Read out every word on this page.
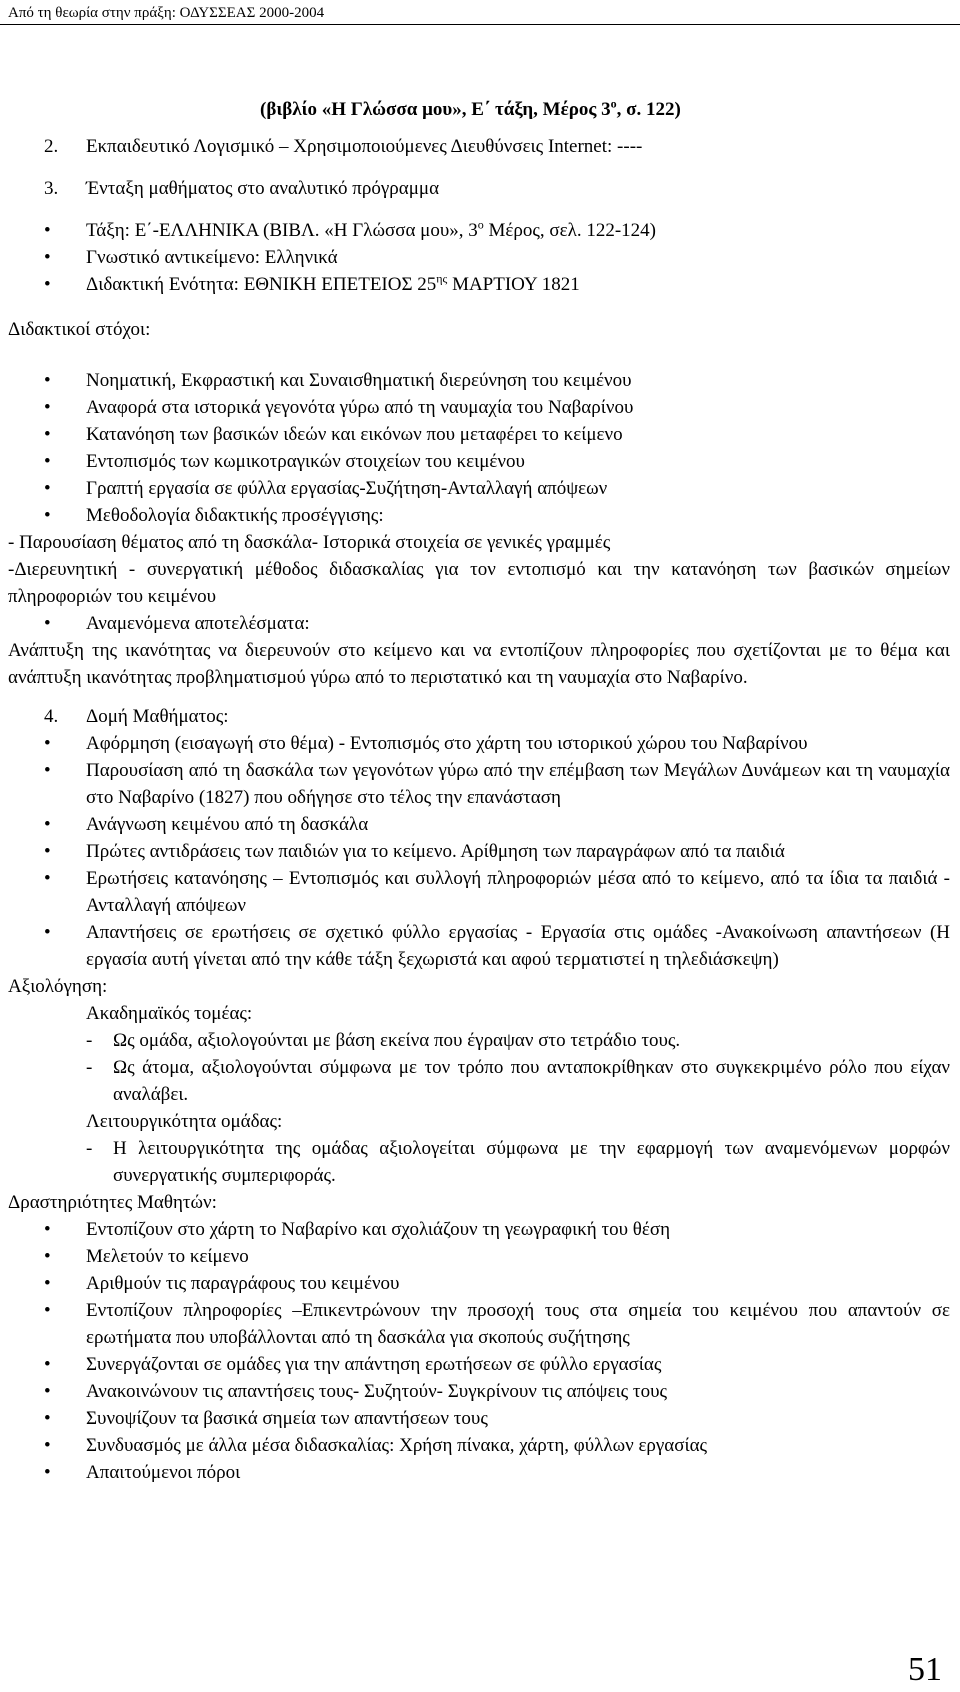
Από τη θεωρία στην πράξη: ΟΔΥΣΣΕΑΣ 2000-2004
(βιβλίο «Η Γλώσσα μου», Ε΄ τάξη, Μέρος $3^o$, σ. 122)
2.	Εκπαιδευτικό Λογισμικό – Χρησιμοποιούμενες Διευθύνσεις Internet: ----
3.	Ένταξη μαθήματος στο αναλυτικό πρόγραμμα
• Τάξη: Ε΄-ΕΛΛΗΝΙΚΑ (ΒΙΒΛ. «Η Γλώσσα μου», $3^o$ Μέρος, σελ. 122-124)
• Γνωστικό αντικείμενο: Ελληνικά
• Διδακτική Ενότητα: ΕΘΝΙΚΗ ΕΠΕΤΕΙΟΣ $25^{\eta\varsigma}$ ΜΑΡΤΙΟΥ 1821
Διδακτικοί στόχοι:
• Νοηματική, Εκφραστική και Συναισθηματική διερεύνηση του κειμένου
• Αναφορά στα ιστορικά γεγονότα γύρω από τη ναυμαχία του Ναβαρίνου
• Κατανόηση των βασικών ιδεών και εικόνων που μεταφέρει το κείμενο
• Εντοπισμός των κωμικοτραγικών στοιχείων του κειμένου
• Γραπτή εργασία σε φύλλα εργασίας-Συζήτηση-Ανταλλαγή απόψεων
• Μεθοδολογία διδακτικής προσέγγισης:
- Παρουσίαση θέματος από τη δασκάλα- Ιστορικά στοιχεία σε γενικές γραμμές
-Διερευνητική - συνεργατική μέθοδος διδασκαλίας για τον εντοπισμό και την κατανόηση των βασικών σημείων πληροφοριών του κειμένου
• Αναμενόμενα αποτελέσματα:
Ανάπτυξη της ικανότητας να διερευνούν στο κείμενο και να εντοπίζουν πληροφορίες που σχετίζονται με το θέμα και ανάπτυξη ικανότητας προβληματισμού γύρω από το περιστατικό και τη ναυμαχία στο Ναβαρίνο.
4.	Δομή Μαθήματος:
• Αφόρμηση (εισαγωγή στο θέμα) - Εντοπισμός στο χάρτη του ιστορικού χώρου του Ναβαρίνου
• Παρουσίαση από τη δασκάλα των γεγονότων γύρω από την επέμβαση των Μεγάλων Δυνάμεων και τη ναυμαχία στο Ναβαρίνο (1827) που οδήγησε στο τέλος την επανάσταση
• Ανάγνωση κειμένου από τη δασκάλα
• Πρώτες αντιδράσεις των παιδιών για το κείμενο. Αρίθμηση των παραγράφων από τα παιδιά
• Ερωτήσεις κατανόησης – Εντοπισμός και συλλογή πληροφοριών μέσα από το κείμενο, από τα ίδια τα παιδιά - Ανταλλαγή απόψεων
• Απαντήσεις σε ερωτήσεις σε σχετικό φύλλο εργασίας - Εργασία στις ομάδες -Ανακοίνωση απαντήσεων (Η εργασία αυτή γίνεται από την κάθε τάξη ξεχωριστά και αφού τερματιστεί η τηλεδιάσκεψη)
Αξιολόγηση:
Ακαδημαϊκός τομέας:
- Ως ομάδα, αξιολογούνται με βάση εκείνα που έγραψαν στο τετράδιο τους.
- Ως άτομα, αξιολογούνται σύμφωνα με τον τρόπο που ανταποκρίθηκαν στο συγκεκριμένο ρόλο που είχαν αναλάβει.
Λειτουργικότητα ομάδας:
- Η λειτουργικότητα της ομάδας αξιολογείται σύμφωνα με την εφαρμογή των αναμενόμενων μορφών συνεργατικής συμπεριφοράς.
Δραστηριότητες Μαθητών:
• Εντοπίζουν στο χάρτη το Ναβαρίνο και σχολιάζουν τη γεωγραφική του θέση
• Μελετούν το κείμενο
• Αριθμούν τις παραγράφους του κειμένου
• Εντοπίζουν πληροφορίες –Επικεντρώνουν την προσοχή τους στα σημεία του κειμένου που απαντούν σε ερωτήματα που υποβάλλονται από τη δασκάλα για σκοπούς συζήτησης
• Συνεργάζονται σε ομάδες για την απάντηση ερωτήσεων σε φύλλο εργασίας
• Ανακοινώνουν τις απαντήσεις τους- Συζητούν- Συγκρίνουν τις απόψεις τους
• Συνοψίζουν τα βασικά σημεία των απαντήσεων τους
• Συνδυασμός με άλλα μέσα διδασκαλίας: Χρήση πίνακα, χάρτη, φύλλων εργασίας
• Απαιτούμενοι πόροι
51
